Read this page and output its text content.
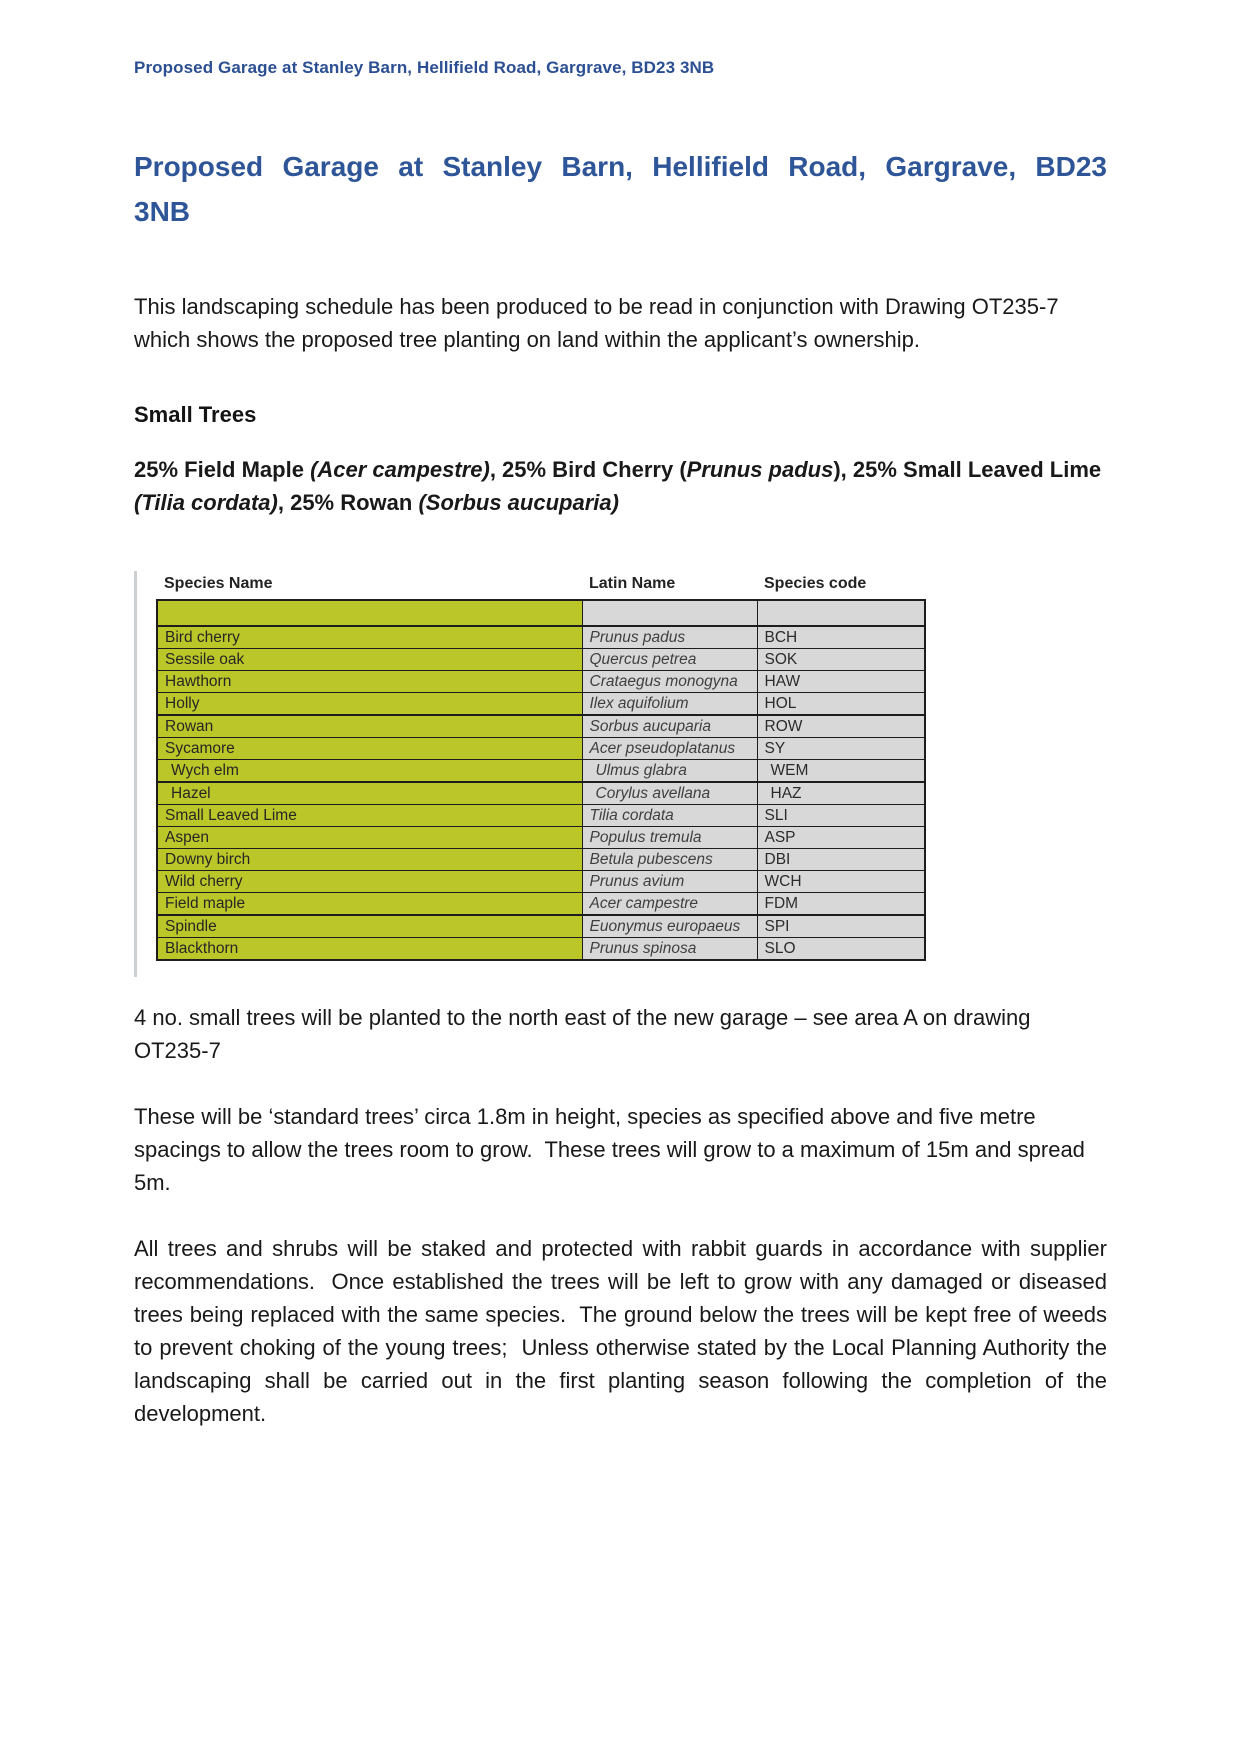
Proposed Garage at Stanley Barn, Hellifield Road, Gargrave, BD23 3NB
Proposed Garage at Stanley Barn, Hellifield Road, Gargrave, BD23
3NB

This landscaping schedule has been produced to be read in conjunction with Drawing OT235-7 which shows the proposed tree planting on land within the applicant’s ownership.

Small Trees

25% Field Maple (Acer campestre), 25% Bird Cherry (Prunus padus), 25% Small Leaved Lime (Tilia cordata), 25% Rowan (Sorbus aucuparia)

Species Name	Latin Name	Species code

Bird cherry	Prunus padus	BCH
Sessile oak	Quercus petrea	SOK
Hawthorn	Crataegus monogyna	HAW
Holly	Ilex aquifolium	HOL
Rowan	Sorbus aucuparia	ROW
Sycamore	Acer pseudoplatanus	SY
Wych elm	Ulmus glabra	WEM
Hazel	Corylus avellana	HAZ
Small Leaved Lime	Tilia cordata	SLI
Aspen	Populus tremula	ASP
Downy birch	Betula pubescens	DBI
Wild cherry	Prunus avium	WCH
Field maple	Acer campestre	FDM
Spindle	Euonymus europaeus	SPI
Blackthorn	Prunus spinosa	SLO

4 no. small trees will be planted to the north east of the new garage – see area A on drawing OT235-7

These will be ‘standard trees’ circa 1.8m in height, species as specified above and five metre spacings to allow the trees room to grow.  These trees will grow to a maximum of 15m and spread 5m.

All trees and shrubs will be staked and protected with rabbit guards in accordance with supplier recommendations.  Once established the trees will be left to grow with any damaged or diseased trees being replaced with the same species.  The ground below the trees will be kept free of weeds to prevent choking of the young trees;  Unless otherwise stated by the Local Planning Authority the landscaping shall be carried out in the first planting season following the completion of the development.
